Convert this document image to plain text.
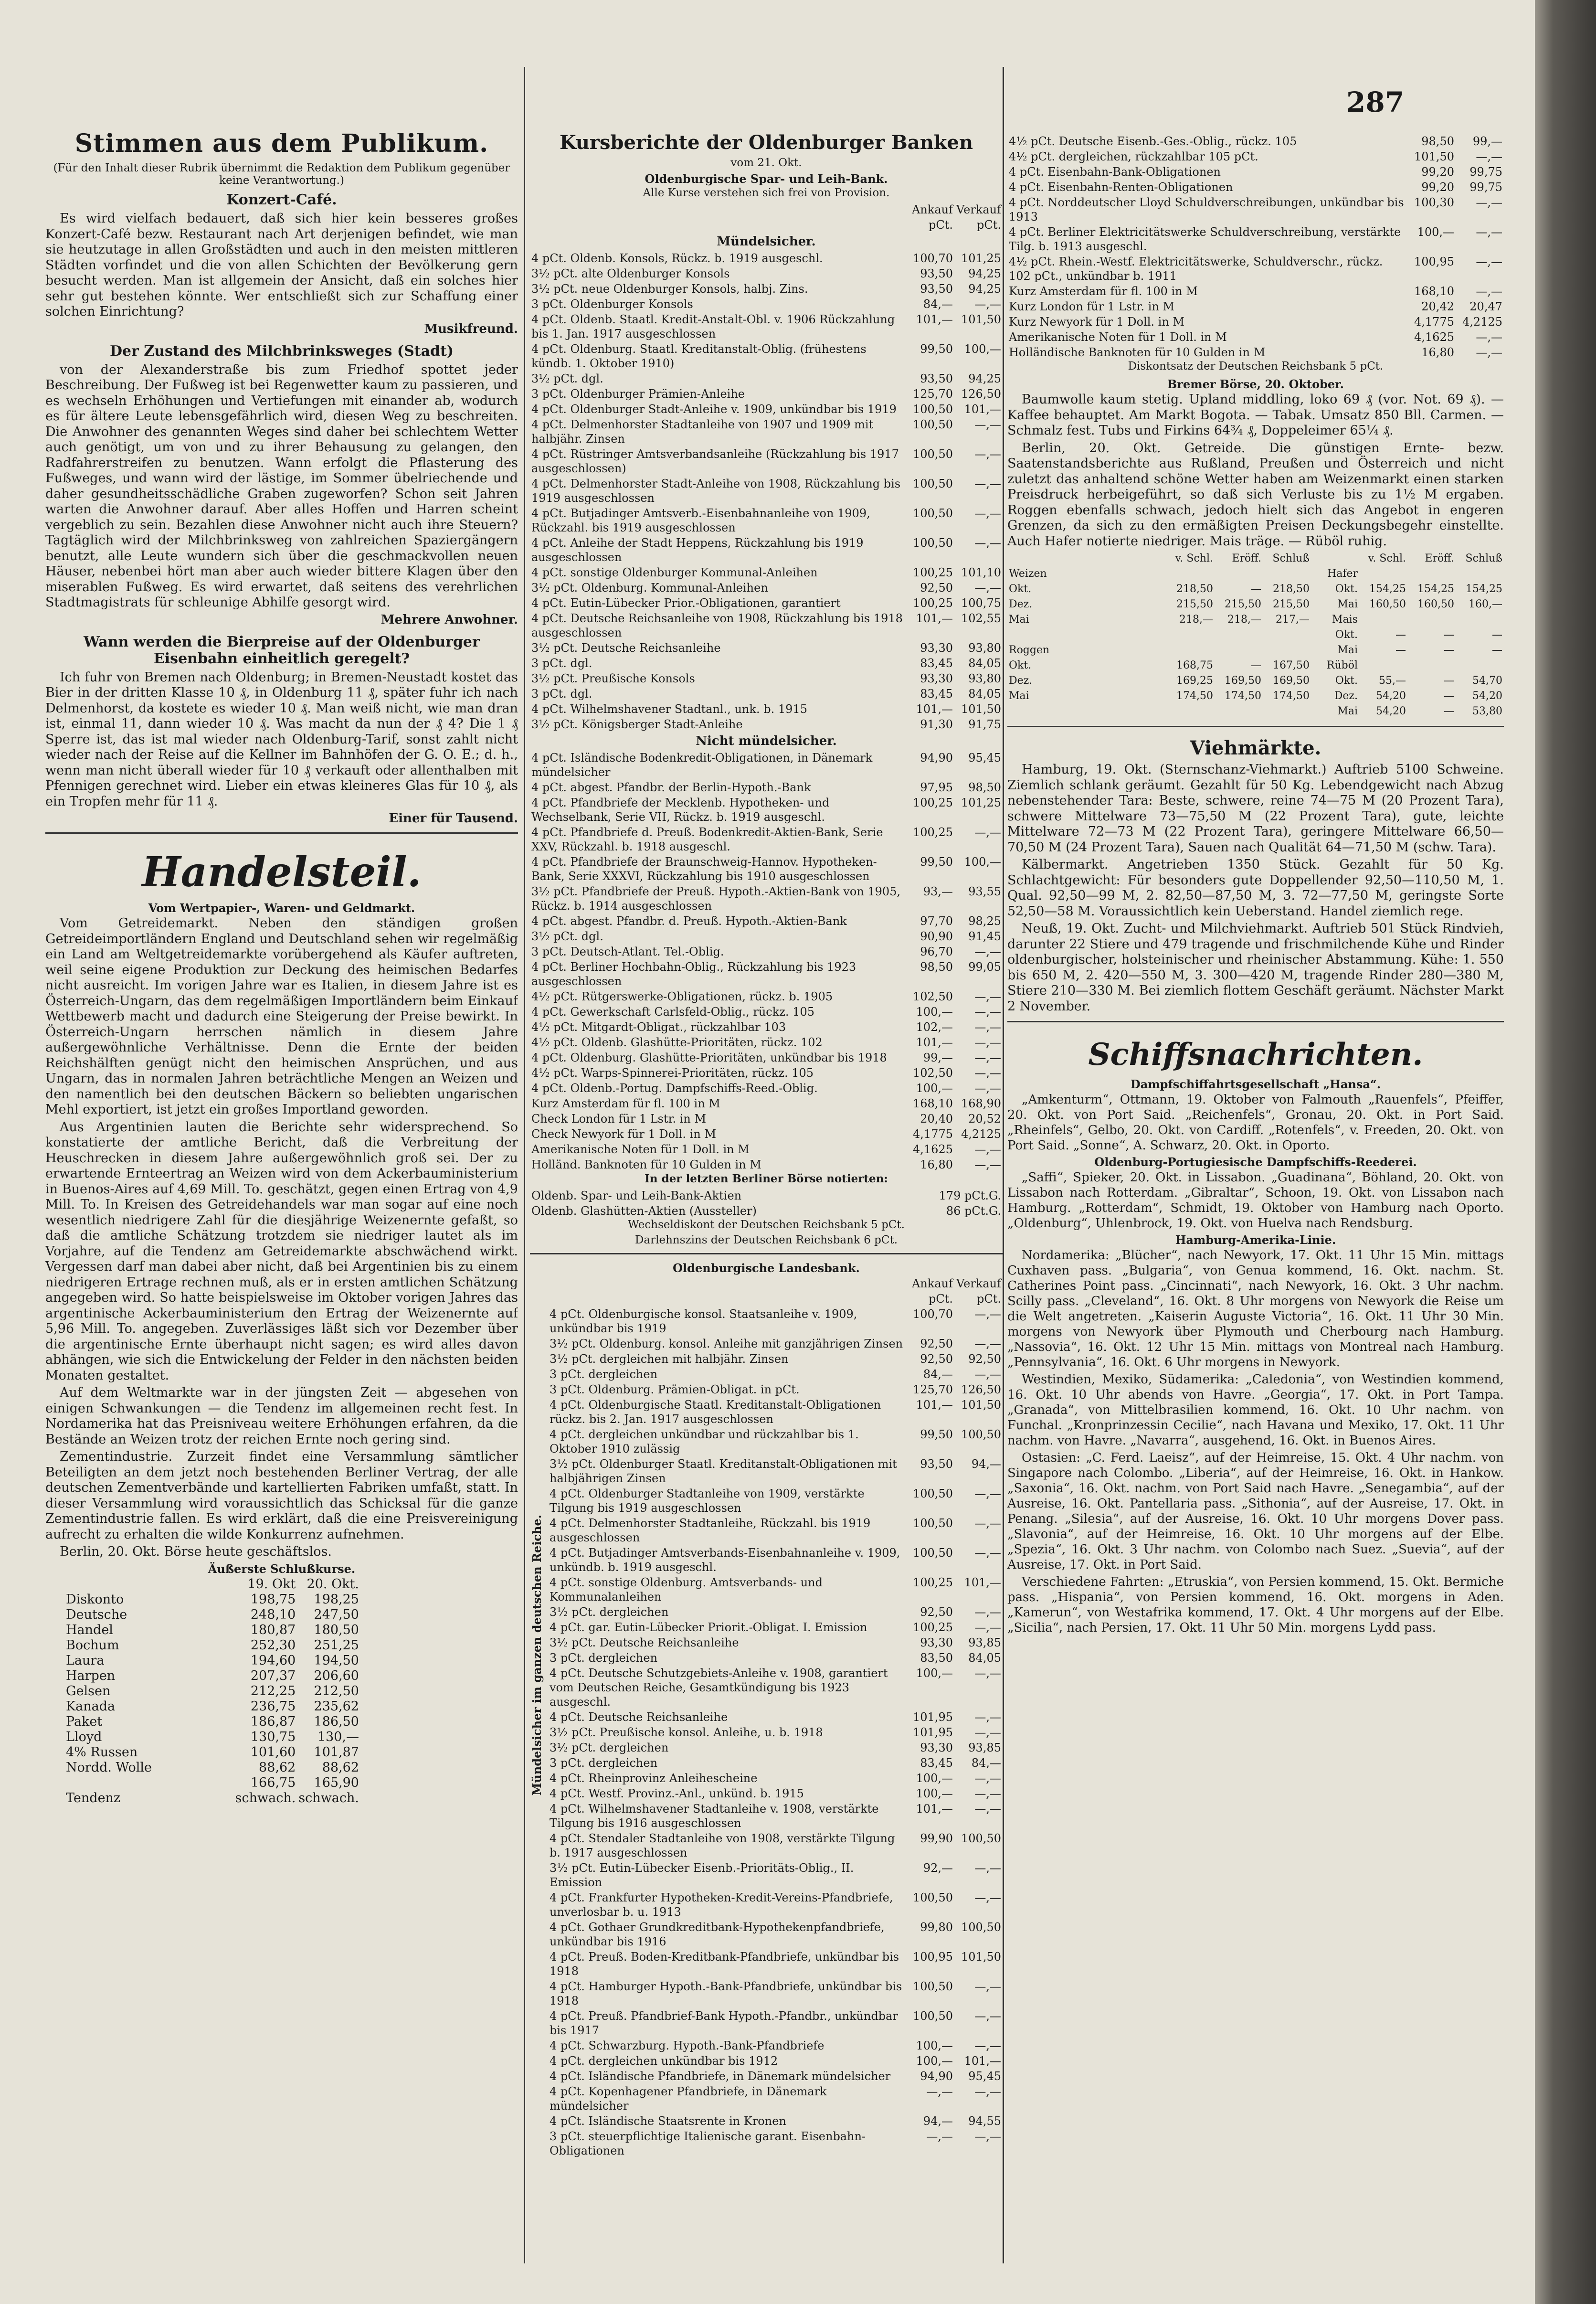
287
Stimmen aus dem Publikum.
(Für den Inhalt dieser Rubrik übernimmt die Redaktion dem Publikum gegenüber keine Verantwortung.)
Konzert-Café.

Es wird vielfach bedauert, daß sich hier kein besseres großes Konzert-Café bezw. Restaurant nach Art derjenigen befindet, wie man sie heutzutage in allen Großstädten und auch in den meisten mittleren Städten vorfindet und die von allen Schichten der Bevölkerung gern besucht werden. Man ist allgemein der Ansicht, daß ein solches hier sehr gut bestehen könnte. Wer entschließt sich zur Schaffung einer solchen Einrichtung?

Musikfreund.
Der Zustand des Milchbrinksweges (Stadt)

von der Alexanderstraße bis zum Friedhof spottet jeder Beschreibung. Der Fußweg ist bei Regenwetter kaum zu passieren, und es wechseln Erhöhungen und Vertiefungen mit einander ab, wodurch es für ältere Leute lebensgefährlich wird, diesen Weg zu beschreiten. Die Anwohner des genannten Weges sind daher bei schlechtem Wetter auch genötigt, um von und zu ihrer Behausung zu gelangen, den Radfahrerstreifen zu benutzen. Wann erfolgt die Pflasterung des Fußweges, und wann wird der lästige, im Sommer übelriechende und daher gesundheitsschädliche Graben zugeworfen? Schon seit Jahren warten die Anwohner darauf. Aber alles Hoffen und Harren scheint vergeblich zu sein. Bezahlen diese Anwohner nicht auch ihre Steuern? Tagtäglich wird der Milchbrinksweg von zahlreichen Spaziergängern benutzt, alle Leute wundern sich über die geschmackvollen neuen Häuser, nebenbei hört man aber auch wieder bittere Klagen über den miserablen Fußweg. Es wird erwartet, daß seitens des verehrlichen Stadtmagistrats für schleunige Abhilfe gesorgt wird.

Mehrere Anwohner.
Wann werden die Bierpreise auf der Oldenburger Eisenbahn einheitlich geregelt?

Ich fuhr von Bremen nach Oldenburg; in Bremen-Neustadt kostet das Bier in der dritten Klasse 10 ₰, in Oldenburg 11 ₰, später fuhr ich nach Delmenhorst, da kostete es wieder 10 ₰. Man weiß nicht, wie man dran ist, einmal 11, dann wieder 10 ₰. Was macht da nun der ₰ 4? Die 1 ₰ Sperre ist, das ist mal wieder nach Oldenburg-Tarif, sonst zahlt nicht wieder nach der Reise auf die Kellner im Bahnhöfen der G. O. E.; d. h., wenn man nicht überall wieder für 10 ₰ verkauft oder allenthalben mit Pfennigen gerechnet wird. Lieber ein etwas kleineres Glas für 10 ₰, als ein Tropfen mehr für 11 ₰.

Einer für Tausend.
Handelsteil.
Vom Wertpapier-, Waren- und Geldmarkt.

Vom Getreidemarkt. Neben den ständigen großen Getreideimportländern England und Deutschland sehen wir regelmäßig ein Land am Weltgetreidemarkte vorübergehend als Käufer auftreten, weil seine eigene Produktion zur Deckung des heimischen Bedarfes nicht ausreicht. Im vorigen Jahre war es Italien, in diesem Jahre ist es Österreich-Ungarn, das dem regelmäßigen Importländern beim Einkauf Wettbewerb macht und dadurch eine Steigerung der Preise bewirkt. In Österreich-Ungarn herrschen nämlich in diesem Jahre außergewöhnliche Verhältnisse. Denn die Ernte der beiden Reichshälften genügt nicht den heimischen Ansprüchen, und aus Ungarn, das in normalen Jahren beträchtliche Mengen an Weizen und den namentlich bei den deutschen Bäckern so beliebten ungarischen Mehl exportiert, ist jetzt ein großes Importland geworden.

Aus Argentinien lauten die Berichte sehr widersprechend. So konstatierte der amtliche Bericht, daß die Verbreitung der Heuschrecken in diesem Jahre außergewöhnlich groß sei. Der zu erwartende Ernteertrag an Weizen wird von dem Ackerbauministerium in Buenos-Aires auf 4,69 Mill. To. geschätzt, gegen einen Ertrag von 4,9 Mill. To. In Kreisen des Getreidehandels war man sogar auf eine noch wesentlich niedrigere Zahl für die diesjährige Weizenernte gefaßt, so daß die amtliche Schätzung trotzdem sie niedriger lautet als im Vorjahre, auf die Tendenz am Getreidemarkte abschwächend wirkt. Vergessen darf man dabei aber nicht, daß bei Argentinien bis zu einem niedrigeren Ertrage rechnen muß, als er in ersten amtlichen Schätzung angegeben wird. So hatte beispielsweise im Oktober vorigen Jahres das argentinische Ackerbauministerium den Ertrag der Weizenernte auf 5,96 Mill. To. angegeben. Zuverlässiges läßt sich vor Dezember über die argentinische Ernte überhaupt nicht sagen; es wird alles davon abhängen, wie sich die Entwickelung der Felder in den nächsten beiden Monaten gestaltet.

Auf dem Weltmarkte war in der jüngsten Zeit — abgesehen von einigen Schwankungen — die Tendenz im allgemeinen recht fest. In Nordamerika hat das Preisniveau weitere Erhöhungen erfahren, da die Bestände an Weizen trotz der reichen Ernte noch gering sind.

Zementindustrie. Zurzeit findet eine Versammlung sämtlicher Beteiligten an dem jetzt noch bestehenden Berliner Vertrag, der alle deutschen Zementverbände und kartellierten Fabriken umfaßt, statt. In dieser Versammlung wird voraussichtlich das Schicksal für die ganze Zementindustrie fallen. Es wird erklärt, daß die eine Preisvereinigung aufrecht zu erhalten die wilde Konkurrenz aufnehmen.

Berlin, 20. Okt. Börse heute geschäftslos.

Äußerste Schlußkurse.
	19. Okt	20. Okt.
Diskonto	198,75	198,25
Deutsche	248,10	247,50
Handel	180,87	180,50
Bochum	252,30	251,25
Laura	194,60	194,50
Harpen	207,37	206,60
Gelsen	212,25	212,50
Kanada	236,75	235,62
Paket	186,87	186,50
Lloyd	130,75	130,—
4% Russen	101,60	101,87
Nordd. Wolle	88,62	88,62
	166,75	165,90
Tendenz	schwach.	schwach.
Kursberichte der Oldenburger Banken
vom 21. Okt.
Oldenburgische Spar- und Leih-Bank.
Alle Kurse verstehen sich frei von Provision.
	Ankauf	Verkauf
	pCt.	pCt.
Mündelsicher.		
4 pCt. Oldenb. Konsols, Rückz. b. 1919 ausgeschl.	100,70	101,25
3½ pCt. alte Oldenburger Konsols	93,50	94,25
3½ pCt. neue Oldenburger Konsols, halbj. Zins.	93,50	94,25
3 pCt. Oldenburger Konsols	84,—	—,—
4 pCt. Oldenb. Staatl. Kredit-Anstalt-Obl. v. 1906 Rückzahlung bis 1. Jan. 1917 ausgeschlossen	101,—	101,50
4 pCt. Oldenburg. Staatl. Kreditanstalt-Oblig. (frühestens kündb. 1. Oktober 1910)	99,50	100,—
3½ pCt. dgl.	93,50	94,25
3 pCt. Oldenburger Prämien-Anleihe	125,70	126,50
4 pCt. Oldenburger Stadt-Anleihe v. 1909, unkündbar bis 1919	100,50	101,—
4 pCt. Delmenhorster Stadtanleihe von 1907 und 1909 mit halbjähr. Zinsen	100,50	—,—
4 pCt. Rüstringer Amtsverbandsanleihe (Rückzahlung bis 1917 ausgeschlossen)	100,50	—,—
4 pCt. Delmenhorster Stadt-Anleihe von 1908, Rückzahlung bis 1919 ausgeschlossen	100,50	—,—
4 pCt. Butjadinger Amtsverb.-Eisenbahnanleihe von 1909, Rückzahl. bis 1919 ausgeschlossen	100,50	—,—
4 pCt. Anleihe der Stadt Heppens, Rückzahlung bis 1919 ausgeschlossen	100,50	—,—
4 pCt. sonstige Oldenburger Kommunal-Anleihen	100,25	101,10
3½ pCt. Oldenburg. Kommunal-Anleihen	92,50	—,—
4 pCt. Eutin-Lübecker Prior.-Obligationen, garantiert	100,25	100,75
4 pCt. Deutsche Reichsanleihe von 1908, Rückzahlung bis 1918 ausgeschlossen	101,—	102,55
3½ pCt. Deutsche Reichsanleihe	93,30	93,80
3 pCt. dgl.	83,45	84,05
3½ pCt. Preußische Konsols	93,30	93,80
3 pCt. dgl.	83,45	84,05
4 pCt. Wilhelmshavener Stadtanl., unk. b. 1915	101,—	101,50
3½ pCt. Königsberger Stadt-Anleihe	91,30	91,75
Nicht mündelsicher.		
4 pCt. Isländische Bodenkredit-Obligationen, in Dänemark mündelsicher	94,90	95,45
4 pCt. abgest. Pfandbr. der Berlin-Hypoth.-Bank	97,95	98,50
4 pCt. Pfandbriefe der Mecklenb. Hypotheken- und Wechselbank, Serie VII, Rückz. b. 1919 ausgeschl.	100,25	101,25
4 pCt. Pfandbriefe d. Preuß. Bodenkredit-Aktien-Bank, Serie XXV, Rückzahl. b. 1918 ausgeschl.	100,25	—,—
4 pCt. Pfandbriefe der Braunschweig-Hannov. Hypotheken-Bank, Serie XXXVI, Rückzahlung bis 1910 ausgeschlossen	99,50	100,—
3½ pCt. Pfandbriefe der Preuß. Hypoth.-Aktien-Bank von 1905, Rückz. b. 1914 ausgeschlossen	93,—	93,55
4 pCt. abgest. Pfandbr. d. Preuß. Hypoth.-Aktien-Bank	97,70	98,25
3½ pCt. dgl.	90,90	91,45
3 pCt. Deutsch-Atlant. Tel.-Oblig.	96,70	—,—
4 pCt. Berliner Hochbahn-Oblig., Rückzahlung bis 1923 ausgeschlossen	98,50	99,05
4½ pCt. Rütgerswerke-Obligationen, rückz. b. 1905	102,50	—,—
4 pCt. Gewerkschaft Carlsfeld-Oblig., rückz. 105	100,—	—,—
4½ pCt. Mitgardt-Obligat., rückzahlbar 103	102,—	—,—
4½ pCt. Oldenb. Glashütte-Prioritäten, rückz. 102	101,—	—,—
4 pCt. Oldenburg. Glashütte-Prioritäten, unkündbar bis 1918	99,—	—,—
4½ pCt. Warps-Spinnerei-Prioritäten, rückz. 105	102,50	—,—
4 pCt. Oldenb.-Portug. Dampfschiffs-Reed.-Oblig.	100,—	—,—
Kurz Amsterdam für fl. 100 in M	168,10	168,90
Check London für 1 Lstr. in M	20,40	20,52
Check Newyork für 1 Doll. in M	4,1775	4,2125
Amerikanische Noten für 1 Doll. in M	4,1625	—,—
Holländ. Banknoten für 10 Gulden in M	16,80	—,—
In der letzten Berliner Börse notierten:
Oldenb. Spar- und Leih-Bank-Aktien	179 pCt.G.
Oldenb. Glashütten-Aktien (Aussteller)	86 pCt.G.
Wechseldiskont der Deutschen Reichsbank 5 pCt.
Darlehnszins der Deutschen Reichsbank 6 pCt.
Oldenburgische Landesbank.
Mündelsicher im ganzen deutschen Reiche.
	Ankauf	Verkauf
	pCt.	pCt.
4 pCt. Oldenburgische konsol. Staatsanleihe v. 1909, unkündbar bis 1919	100,70	—,—
3½ pCt. Oldenburg. konsol. Anleihe mit ganzjährigen Zinsen	92,50	—,—
3½ pCt. dergleichen mit halbjähr. Zinsen	92,50	92,50
3 pCt. dergleichen	84,—	—,—
3 pCt. Oldenburg. Prämien-Obligat. in pCt.	125,70	126,50
4 pCt. Oldenburgische Staatl. Kreditanstalt-Obligationen rückz. bis 2. Jan. 1917 ausgeschlossen	101,—	101,50
4 pCt. dergleichen unkündbar und rückzahlbar bis 1. Oktober 1910 zulässig	99,50	100,50
3½ pCt. Oldenburger Staatl. Kreditanstalt-Obligationen mit halbjährigen Zinsen	93,50	94,—
4 pCt. Oldenburger Stadtanleihe von 1909, verstärkte Tilgung bis 1919 ausgeschlossen	100,50	—,—
4 pCt. Delmenhorster Stadtanleihe, Rückzahl. bis 1919 ausgeschlossen	100,50	—,—
4 pCt. Butjadinger Amtsverbands-Eisenbahnanleihe v. 1909, unkündb. b. 1919 ausgeschl.	100,50	—,—
4 pCt. sonstige Oldenburg. Amtsverbands- und Kommunalanleihen	100,25	101,—
3½ pCt. dergleichen	92,50	—,—
4 pCt. gar. Eutin-Lübecker Priorit.-Obligat. I. Emission	100,25	—,—
3½ pCt. Deutsche Reichsanleihe	93,30	93,85
3 pCt. dergleichen	83,50	84,05
4 pCt. Deutsche Schutzgebiets-Anleihe v. 1908, garantiert vom Deutschen Reiche, Gesamtkündigung bis 1923 ausgeschl.	100,—	—,—
4 pCt. Deutsche Reichsanleihe	101,95	—,—
3½ pCt. Preußische konsol. Anleihe, u. b. 1918	101,95	—,—
3½ pCt. dergleichen	93,30	93,85
3 pCt. dergleichen	83,45	84,—
4 pCt. Rheinprovinz Anleihescheine	100,—	—,—
4 pCt. Westf. Provinz.-Anl., unkünd. b. 1915	100,—	—,—
4 pCt. Wilhelmshavener Stadtanleihe v. 1908, verstärkte Tilgung bis 1916 ausgeschlossen	101,—	—,—
4 pCt. Stendaler Stadtanleihe von 1908, verstärkte Tilgung b. 1917 ausgeschlossen	99,90	100,50
3½ pCt. Eutin-Lübecker Eisenb.-Prioritäts-Oblig., II. Emission	92,—	—,—
4 pCt. Frankfurter Hypotheken-Kredit-Vereins-Pfandbriefe, unverlosbar b. u. 1913	100,50	—,—
4 pCt. Gothaer Grundkreditbank-Hypothekenpfandbriefe, unkündbar bis 1916	99,80	100,50
4 pCt. Preuß. Boden-Kreditbank-Pfandbriefe, unkündbar bis 1918	100,95	101,50
4 pCt. Hamburger Hypoth.-Bank-Pfandbriefe, unkündbar bis 1918	100,50	—,—
4 pCt. Preuß. Pfandbrief-Bank Hypoth.-Pfandbr., unkündbar bis 1917	100,50	—,—
4 pCt. Schwarzburg. Hypoth.-Bank-Pfandbriefe	100,—	—,—
4 pCt. dergleichen unkündbar bis 1912	100,—	101,—
4 pCt. Isländische Pfandbriefe, in Dänemark mündelsicher	94,90	95,45
4 pCt. Kopenhagener Pfandbriefe, in Dänemark mündelsicher	—,—	—,—
4 pCt. Isländische Staatsrente in Kronen	94,—	94,55
3 pCt. steuerpflichtige Italienische garant. Eisenbahn-Obligationen	—,—	—,—
4½ pCt. Deutsche Eisenb.-Ges.-Oblig., rückz. 105	98,50	99,—
4½ pCt. dergleichen, rückzahlbar 105 pCt.	101,50	—,—
4 pCt. Eisenbahn-Bank-Obligationen	99,20	99,75
4 pCt. Eisenbahn-Renten-Obligationen	99,20	99,75
4 pCt. Norddeutscher Lloyd Schuldverschreibungen, unkündbar bis 1913	100,30	—,—
4 pCt. Berliner Elektricitätswerke Schuldverschreibung, verstärkte Tilg. b. 1913 ausgeschl.	100,—	—,—
4½ pCt. Rhein.-Westf. Elektricitätswerke, Schuldverschr., rückz. 102 pCt., unkündbar b. 1911	100,95	—,—
Kurz Amsterdam für fl. 100 in M	168,10	—,—
Kurz London für 1 Lstr. in M	20,42	20,47
Kurz Newyork für 1 Doll. in M	4,1775	4,2125
Amerikanische Noten für 1 Doll. in M	4,1625	—,—
Holländische Banknoten für 10 Gulden in M	16,80	—,—
Diskontsatz der Deutschen Reichsbank 5 pCt.
Bremer Börse, 20. Oktober.

Baumwolle kaum stetig. Upland middling, loko 69 ₰ (vor. Not. 69 ₰). — Kaffee behauptet. Am Markt Bogota. — Tabak. Umsatz 850 Bll. Carmen. — Schmalz fest. Tubs und Firkins 64¾ ₰, Doppeleimer 65¼ ₰.

Berlin, 20. Okt. Getreide. Die günstigen Ernte- bezw. Saatenstandsberichte aus Rußland, Preußen und Österreich und nicht zuletzt das anhaltend schöne Wetter haben am Weizenmarkt einen starken Preisdruck herbeigeführt, so daß sich Verluste bis zu 1½ M ergaben. Roggen ebenfalls schwach, jedoch hielt sich das Angebot in engeren Grenzen, da sich zu den ermäßigten Preisen Deckungsbegehr einstellte. Auch Hafer notierte niedriger. Mais träge. — Rüböl ruhig.

	v. Schl.	Eröff.	Schluß		v. Schl.	Eröff.	Schluß
Weizen				Hafer			
Okt.	218,50	—	218,50	Okt.	154,25	154,25	154,25
Dez.	215,50	215,50	215,50	Mai	160,50	160,50	160,—
Mai	218,—	218,—	217,—	Mais			
				Okt.	—	—	—
Roggen				Mai	—	—	—
Okt.	168,75	—	167,50	Rüböl			
Dez.	169,25	169,50	169,50	Okt.	55,—	—	54,70
Mai	174,50	174,50	174,50	Dez.	54,20	—	54,20
				Mai	54,20	—	53,80
Viehmärkte.

Hamburg, 19. Okt. (Sternschanz-Viehmarkt.) Auftrieb 5100 Schweine. Ziemlich schlank geräumt. Gezahlt für 50 Kg. Lebendgewicht nach Abzug nebenstehender Tara: Beste, schwere, reine 74—75 M (20 Prozent Tara), schwere Mittelware 73—75,50 M (22 Prozent Tara), gute, leichte Mittelware 72—73 M (22 Prozent Tara), geringere Mittelware 66,50—70,50 M (24 Prozent Tara), Sauen nach Qualität 64—71,50 M (schw. Tara).

Kälbermarkt. Angetrieben 1350 Stück. Gezahlt für 50 Kg. Schlachtgewicht: Für besonders gute Doppellender 92,50—110,50 M, 1. Qual. 92,50—99 M, 2. 82,50—87,50 M, 3. 72—77,50 M, geringste Sorte 52,50—58 M. Voraussichtlich kein Ueberstand. Handel ziemlich rege.

Neuß, 19. Okt. Zucht- und Milchviehmarkt. Auftrieb 501 Stück Rindvieh, darunter 22 Stiere und 479 tragende und frischmilchende Kühe und Rinder oldenburgischer, holsteinischer und rheinischer Abstammung. Kühe: 1. 550 bis 650 M, 2. 420—550 M, 3. 300—420 M, tragende Rinder 280—380 M, Stiere 210—330 M. Bei ziemlich flottem Geschäft geräumt. Nächster Markt 2 November.

Schiffsnachrichten.
Dampfschiffahrtsgesellschaft „Hansa“.

„Amkenturm“, Ottmann, 19. Oktober von Falmouth „Rauenfels“, Pfeiffer, 20. Okt. von Port Said. „Reichenfels“, Gronau, 20. Okt. in Port Said. „Rheinfels“, Gelbo, 20. Okt. von Cardiff. „Rotenfels“, v. Freeden, 20. Okt. von Port Said. „Sonne“, A. Schwarz, 20. Okt. in Oporto.

Oldenburg-Portugiesische Dampfschiffs-Reederei.

„Saffi“, Spieker, 20. Okt. in Lissabon. „Guadinana“, Böhland, 20. Okt. von Lissabon nach Rotterdam. „Gibraltar“, Schoon, 19. Okt. von Lissabon nach Hamburg. „Rotterdam“, Schmidt, 19. Oktober von Hamburg nach Oporto. „Oldenburg“, Uhlenbrock, 19. Okt. von Huelva nach Rendsburg.

Hamburg-Amerika-Linie.

Nordamerika: „Blücher“, nach Newyork, 17. Okt. 11 Uhr 15 Min. mittags Cuxhaven pass. „Bulgaria“, von Genua kommend, 16. Okt. nachm. St. Catherines Point pass. „Cincinnati“, nach Newyork, 16. Okt. 3 Uhr nachm. Scilly pass. „Cleveland“, 16. Okt. 8 Uhr morgens von Newyork die Reise um die Welt angetreten. „Kaiserin Auguste Victoria“, 16. Okt. 11 Uhr 30 Min. morgens von Newyork über Plymouth und Cherbourg nach Hamburg. „Nassovia“, 16. Okt. 12 Uhr 15 Min. mittags von Montreal nach Hamburg. „Pennsylvania“, 16. Okt. 6 Uhr morgens in Newyork.

Westindien, Mexiko, Südamerika: „Caledonia“, von Westindien kommend, 16. Okt. 10 Uhr abends von Havre. „Georgia“, 17. Okt. in Port Tampa. „Granada“, von Mittelbrasilien kommend, 16. Okt. 10 Uhr nachm. von Funchal. „Kronprinzessin Cecilie“, nach Havana und Mexiko, 17. Okt. 11 Uhr nachm. von Havre. „Navarra“, ausgehend, 16. Okt. in Buenos Aires.

Ostasien: „C. Ferd. Laeisz“, auf der Heimreise, 15. Okt. 4 Uhr nachm. von Singapore nach Colombo. „Liberia“, auf der Heimreise, 16. Okt. in Hankow. „Saxonia“, 16. Okt. nachm. von Port Said nach Havre. „Senegambia“, auf der Ausreise, 16. Okt. Pantellaria pass. „Sithonia“, auf der Ausreise, 17. Okt. in Penang. „Silesia“, auf der Ausreise, 16. Okt. 10 Uhr morgens Dover pass. „Slavonia“, auf der Heimreise, 16. Okt. 10 Uhr morgens auf der Elbe. „Spezia“, 16. Okt. 3 Uhr nachm. von Colombo nach Suez. „Suevia“, auf der Ausreise, 17. Okt. in Port Said.

Verschiedene Fahrten: „Etruskia“, von Persien kommend, 15. Okt. Bermiche pass. „Hispania“, von Persien kommend, 16. Okt. morgens in Aden. „Kamerun“, von Westafrika kommend, 17. Okt. 4 Uhr morgens auf der Elbe. „Sicilia“, nach Persien, 17. Okt. 11 Uhr 50 Min. morgens Lydd pass.
